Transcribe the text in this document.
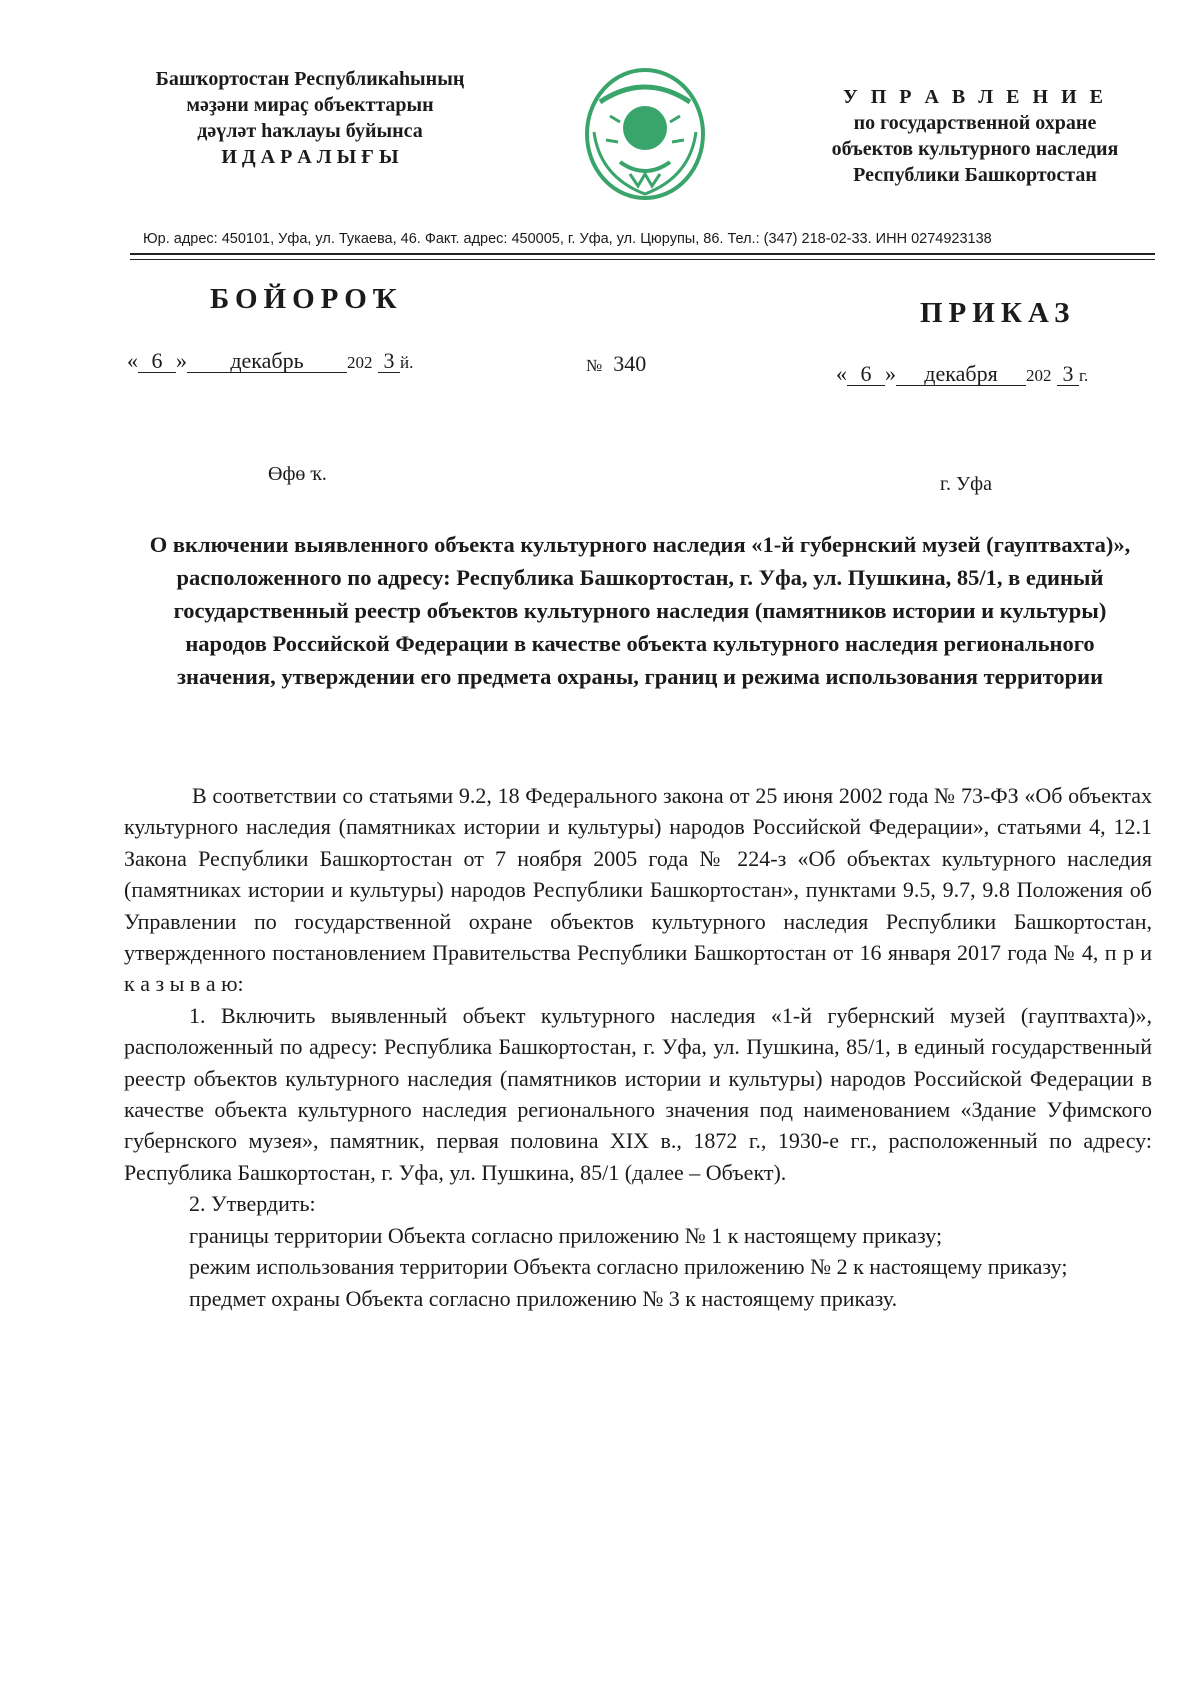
Башҡортостан Республикаһының
мәҙәни мираҫ объекттарын
дәүләт һаҡлауы буйынса
И Д А Р А Л Ы Ғ Ы
У П Р А В Л Е Н И Е
по государственной охране
объектов культурного наследия
Республики Башкортостан
Юр. адрес: 450101, Уфа, ул. Тукаева, 46. Факт. адрес: 450005, г. Уфа, ул. Цюрупы, 86. Тел.: (347) 218-02-33. ИНН 0274923138
БОЙОРОҠ	ПРИКАЗ
« 6 » декабрь	202 3 й.	№ 340	« 6 » декабря 202 3 г.
Өфө ҡ.	г. Уфа
О включении выявленного объекта культурного наследия «1-й губернский музей (гауптвахта)», расположенного по адресу: Республика Башкортостан, г. Уфа, ул. Пушкина, 85/1, в единый государственный реестр объектов культурного наследия (памятников истории и культуры) народов Российской Федерации в качестве объекта культурного наследия регионального значения, утверждении его предмета охраны, границ и режима использования территории

В соответствии со статьями 9.2, 18 Федерального закона от 25 июня 2002 года № 73-ФЗ «Об объектах культурного наследия (памятниках истории и культуры) народов Российской Федерации», статьями 4, 12.1 Закона Республики Башкортостан от 7 ноября 2005 года № 224-з «Об объектах культурного наследия (памятниках истории и культуры) народов Республики Башкортостан», пунктами 9.5, 9.7, 9.8 Положения об Управлении по государственной охране объектов культурного наследия Республики Башкортостан, утвержденного постановлением Правительства Республики Башкортостан от 16 января 2017 года № 4, п р и к а з ы в а ю:

1. Включить выявленный объект культурного наследия «1-й губернский музей (гауптвахта)», расположенный по адресу: Республика Башкортостан, г. Уфа, ул. Пушкина, 85/1, в единый государственный реестр объектов культурного наследия (памятников истории и культуры) народов Российской Федерации в качестве объекта культурного наследия регионального значения под наименованием «Здание Уфимского губернского музея», памятник, первая половина XIX в., 1872 г., 1930-е гг., расположенный по адресу: Республика Башкортостан, г. Уфа, ул. Пушкина, 85/1 (далее – Объект).

2. Утвердить:

границы территории Объекта согласно приложению № 1 к настоящему приказу;

режим использования территории Объекта согласно приложению № 2 к настоящему приказу;

предмет охраны Объекта согласно приложению № 3 к настоящему приказу.
